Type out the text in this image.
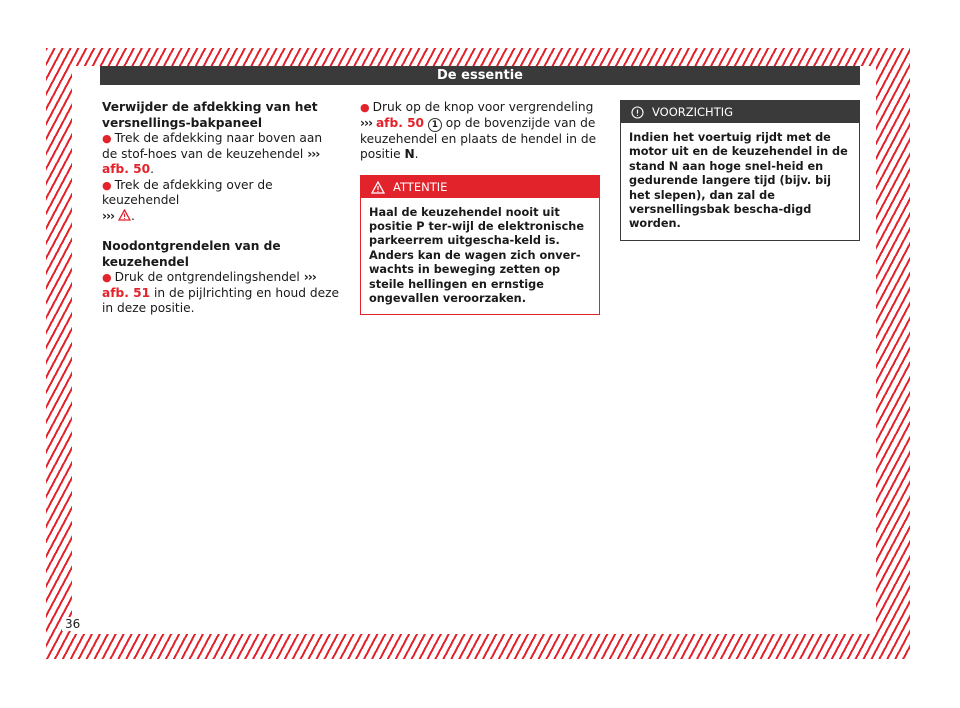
De essentie

Verwijder de afdekking van het versnellings-bakpaneel

● Trek de afdekking naar boven aan de stof-hoes van de keuzehendel ››› afb. 50.

● Trek de afdekking over de keuzehendel
››› .

Noodontgrendelen van de keuzehendel

● Druk de ontgrendelingshendel ››› afb. 51 in de pijlrichting en houd deze in deze positie.

● Druk op de knop voor vergrendeling ››› afb. 50 1 op de bovenzijde van de keuzehendel en plaats de hendel in de positie N.

ATTENTIE
Haal de keuzehendel nooit uit positie P ter-wijl de elektronische parkeerrem uitgescha-keld is. Anders kan de wagen zich onver-wachts in beweging zetten op steile hellingen en ernstige ongevallen veroorzaken.
VOORZICHTIG
Indien het voertuig rijdt met de motor uit en de keuzehendel in de stand N aan hoge snel-heid en gedurende langere tijd (bijv. bij het slepen), dan zal de versnellingsbak bescha-digd worden.
36
